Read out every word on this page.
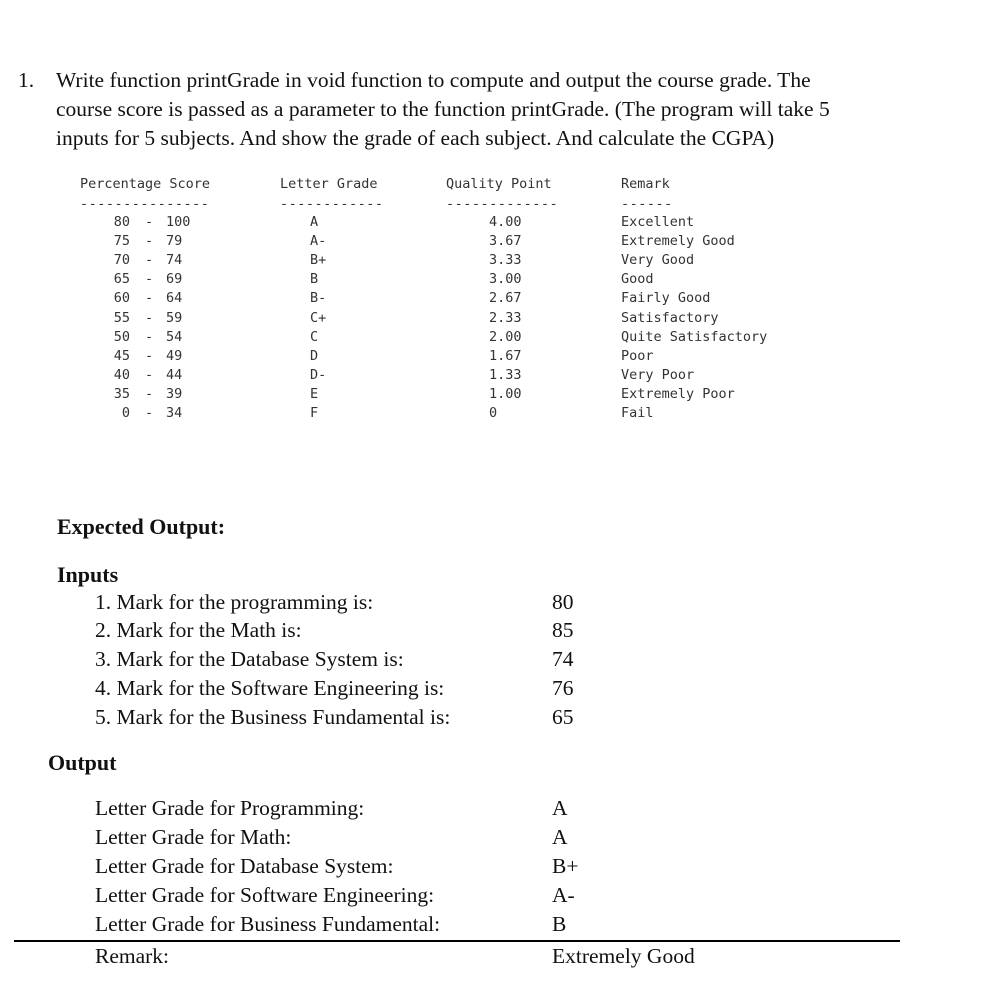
1. Write function printGrade in void function to compute and output the course grade. The
course score is passed as a parameter to the function printGrade. (The program will take 5
inputs for 5 subjects. And show the grade of each subject. And calculate the CGPA)
Percentage Score	Letter Grade	Quality Point	Remark
---------------	------------	-------------	------
80 - 100	A	4.00	Excellent
75 - 79	A-	3.67	Extremely Good
70 - 74	B+	3.33	Very Good
65 - 69	B	3.00	Good
60 - 64	B-	2.67	Fairly Good
55 - 59	C+	2.33	Satisfactory
50 - 54	C	2.00	Quite Satisfactory
45 - 49	D	1.67	Poor
40 - 44	D-	1.33	Very Poor
35 - 39	E	1.00	Extremely Poor
0 - 34	F	0	Fail
Expected Output:
Inputs
1. Mark for the programming is:	80
2. Mark for the Math is:	85
3. Mark for the Database System is:	74
4. Mark for the Software Engineering is:	76
5. Mark for the Business Fundamental is:	65
Output
Letter Grade for Programming:	A
Letter Grade for Math:	A
Letter Grade for Database System:	B+
Letter Grade for Software Engineering:	A-
Letter Grade for Business Fundamental:	B
Remark:	Extremely Good
